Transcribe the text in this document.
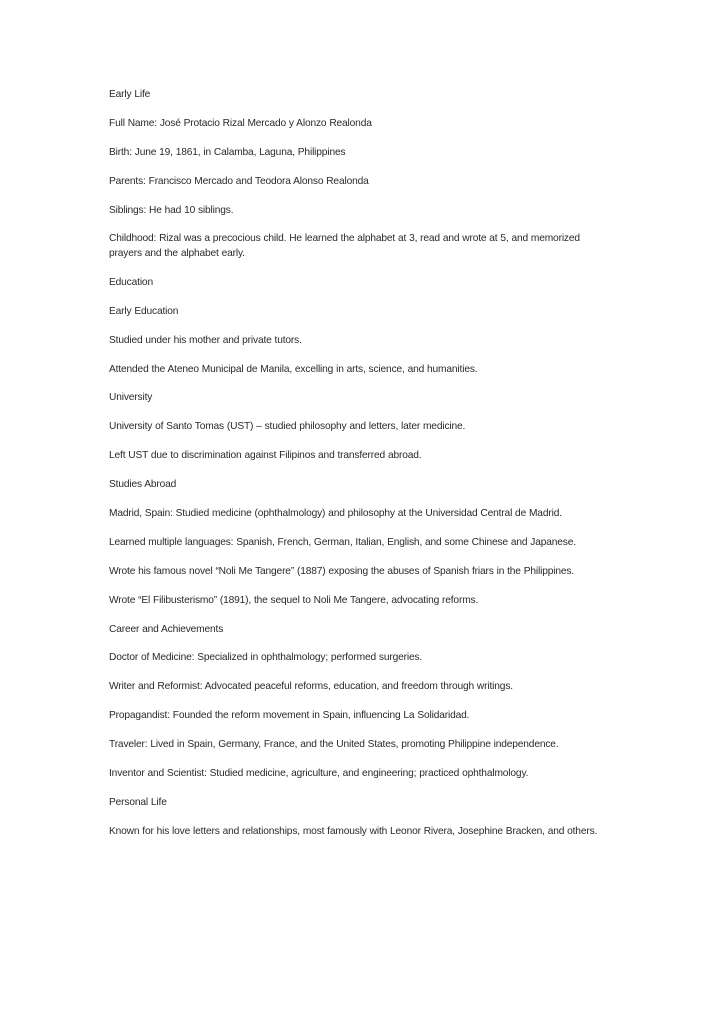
Early Life

Full Name: José Protacio Rizal Mercado y Alonzo Realonda

Birth: June 19, 1861, in Calamba, Laguna, Philippines

Parents: Francisco Mercado and Teodora Alonso Realonda

Siblings: He had 10 siblings.

Childhood: Rizal was a precocious child. He learned the alphabet at 3, read and wrote at 5, and memorized prayers and the alphabet early.

Education

Early Education

Studied under his mother and private tutors.

Attended the Ateneo Municipal de Manila, excelling in arts, science, and humanities.

University

University of Santo Tomas (UST) – studied philosophy and letters, later medicine.

Left UST due to discrimination against Filipinos and transferred abroad.

Studies Abroad

Madrid, Spain: Studied medicine (ophthalmology) and philosophy at the Universidad Central de Madrid.

Learned multiple languages: Spanish, French, German, Italian, English, and some Chinese and Japanese.

Wrote his famous novel “Noli Me Tangere” (1887) exposing the abuses of Spanish friars in the Philippines.

Wrote “El Filibusterismo” (1891), the sequel to Noli Me Tangere, advocating reforms.

Career and Achievements

Doctor of Medicine: Specialized in ophthalmology; performed surgeries.

Writer and Reformist: Advocated peaceful reforms, education, and freedom through writings.

Propagandist: Founded the reform movement in Spain, influencing La Solidaridad.

Traveler: Lived in Spain, Germany, France, and the United States, promoting Philippine independence.

Inventor and Scientist: Studied medicine, agriculture, and engineering; practiced ophthalmology.

Personal Life

Known for his love letters and relationships, most famously with Leonor Rivera, Josephine Bracken, and others.
